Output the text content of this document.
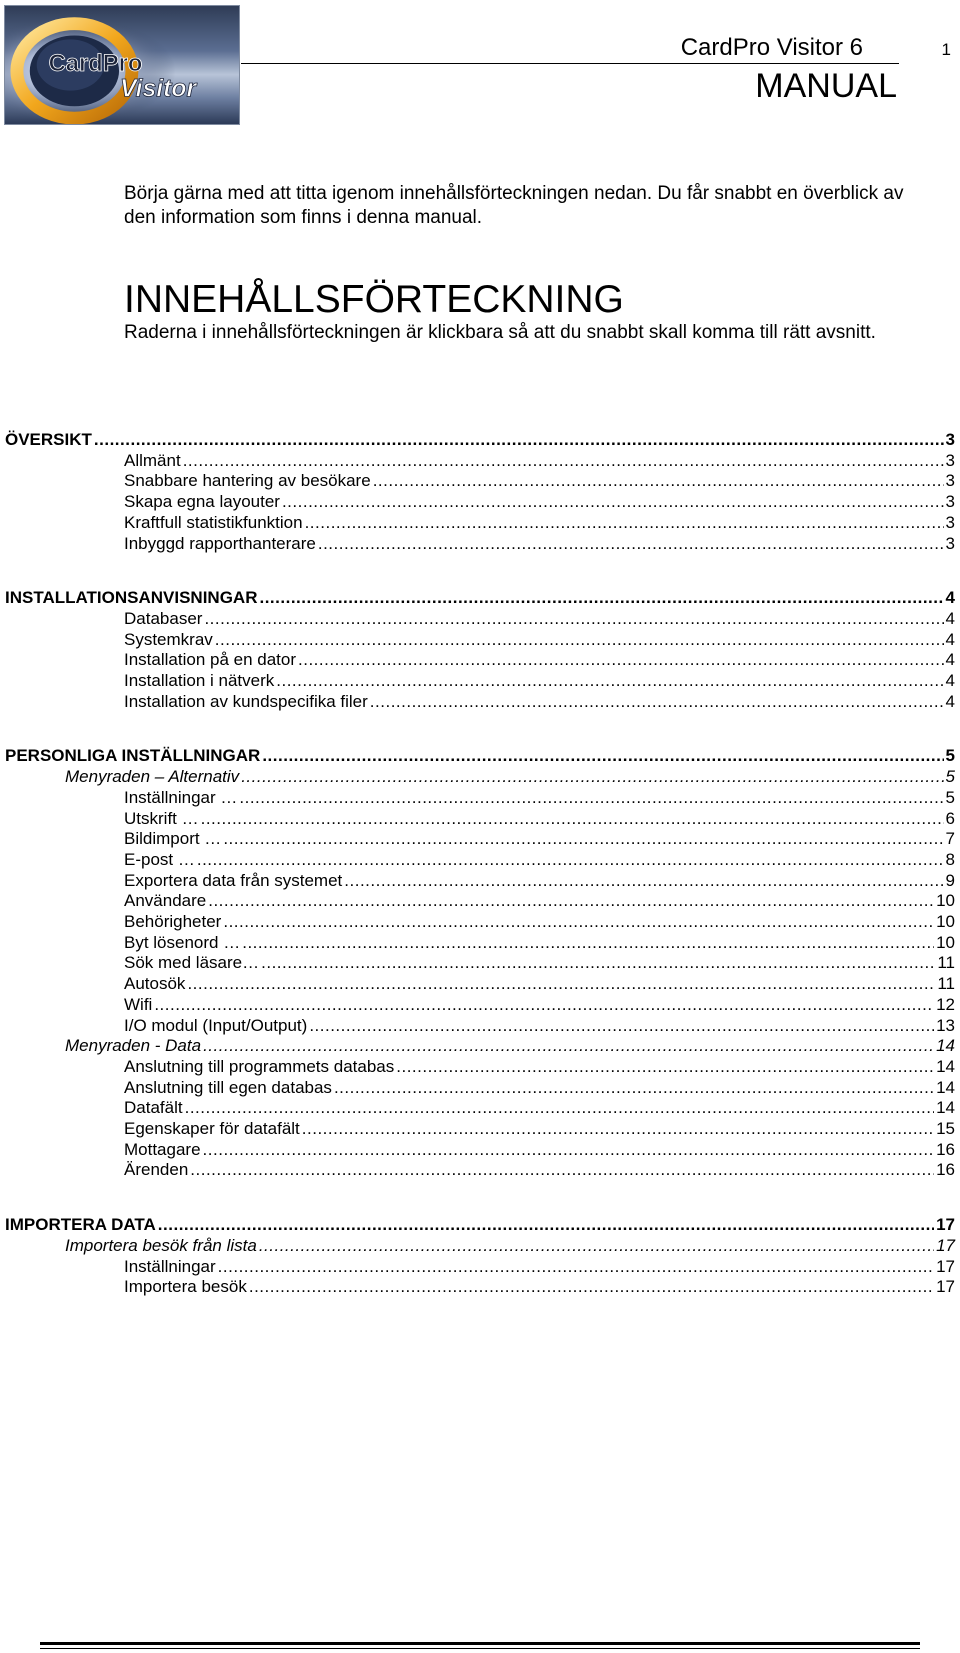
CardPro
Visitor
CardPro Visitor 6	1
MANUAL
Börja gärna med att titta igenom innehållsförteckningen nedan. Du får snabbt en överblick av den information som finns i denna manual.
INNEHÅLLSFÖRTECKNING
Raderna i innehållsförteckningen är klickbara så att du snabbt skall komma till rätt avsnitt.
ÖVERSIKT .....	3
Allmänt .....	3
Snabbare hantering av besökare .....	3
Skapa egna layouter .....	3
Kraftfull statistikfunktion .....	3
Inbyggd rapporthanterare .....	3
INSTALLATIONSANVISNINGAR .....	4
Databaser .....	4
Systemkrav .....	4
Installation på en dator .....	4
Installation i nätverk .....	4
Installation av kundspecifika filer .....	4
PERSONLIGA INSTÄLLNINGAR .....	5
Menyraden – Alternativ .....	5
Inställningar … .....	5
Utskrift … .....	6
Bildimport … .....	7
E-post … .....	8
Exportera data från systemet .....	9
Användare .....	10
Behörigheter .....	10
Byt lösenord … .....	10
Sök med läsare… .....	11
Autosök .....	11
Wifi .....	12
I/O modul (Input/Output) .....	13
Menyraden - Data .....	14
Anslutning till programmets databas .....	14
Anslutning till egen databas .....	14
Datafält .....	14
Egenskaper för datafält .....	15
Mottagare .....	16
Ärenden .....	16
IMPORTERA DATA .....	17
Importera besök från lista .....	17
Inställningar .....	17
Importera besök .....	17
